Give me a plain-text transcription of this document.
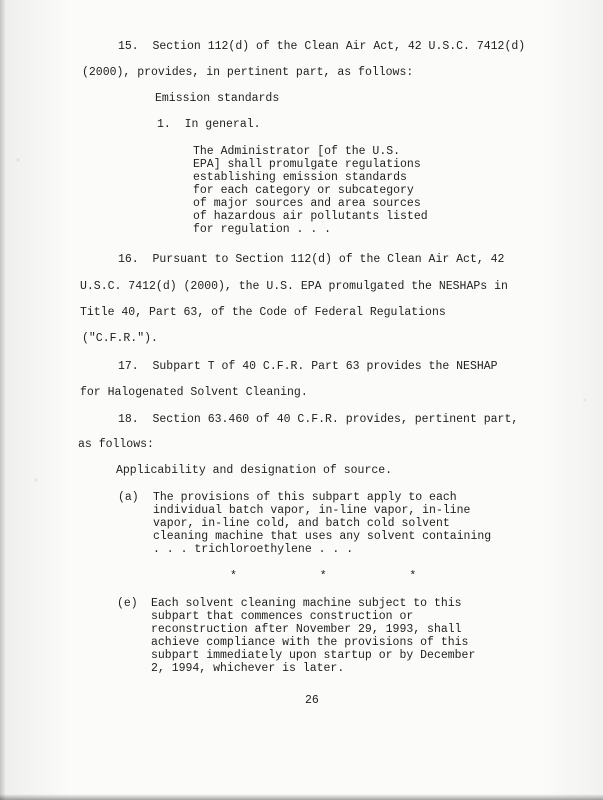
15.  Section 112(d) of the Clean Air Act, 42 U.S.C. 7412(d)
(2000), provides, in pertinent part, as follows:
Emission standards
1.  In general.
The Administrator [of the U.S.
EPA] shall promulgate regulations
establishing emission standards
for each category or subcategory
of major sources and area sources
of hazardous air pollutants listed
for regulation . . .
16.  Pursuant to Section 112(d) of the Clean Air Act, 42
U.S.C. 7412(d) (2000), the U.S. EPA promulgated the NESHAPs in
Title 40, Part 63, of the Code of Federal Regulations
("C.F.R.").
17.  Subpart T of 40 C.F.R. Part 63 provides the NESHAP
for Halogenated Solvent Cleaning.
18.  Section 63.460 of 40 C.F.R. provides, pertinent part,
as follows:
Applicability and designation of source.
(a) The provisions of this subpart apply to each
individual batch vapor, in-line vapor, in-line
vapor, in-line cold, and batch cold solvent
cleaning machine that uses any solvent containing
. . . trichloroethylene . . .
*            *            *
(e) Each solvent cleaning machine subject to this
subpart that commences construction or
reconstruction after November 29, 1993, shall
achieve compliance with the provisions of this
subpart immediately upon startup or by December
2, 1994, whichever is later.
26
